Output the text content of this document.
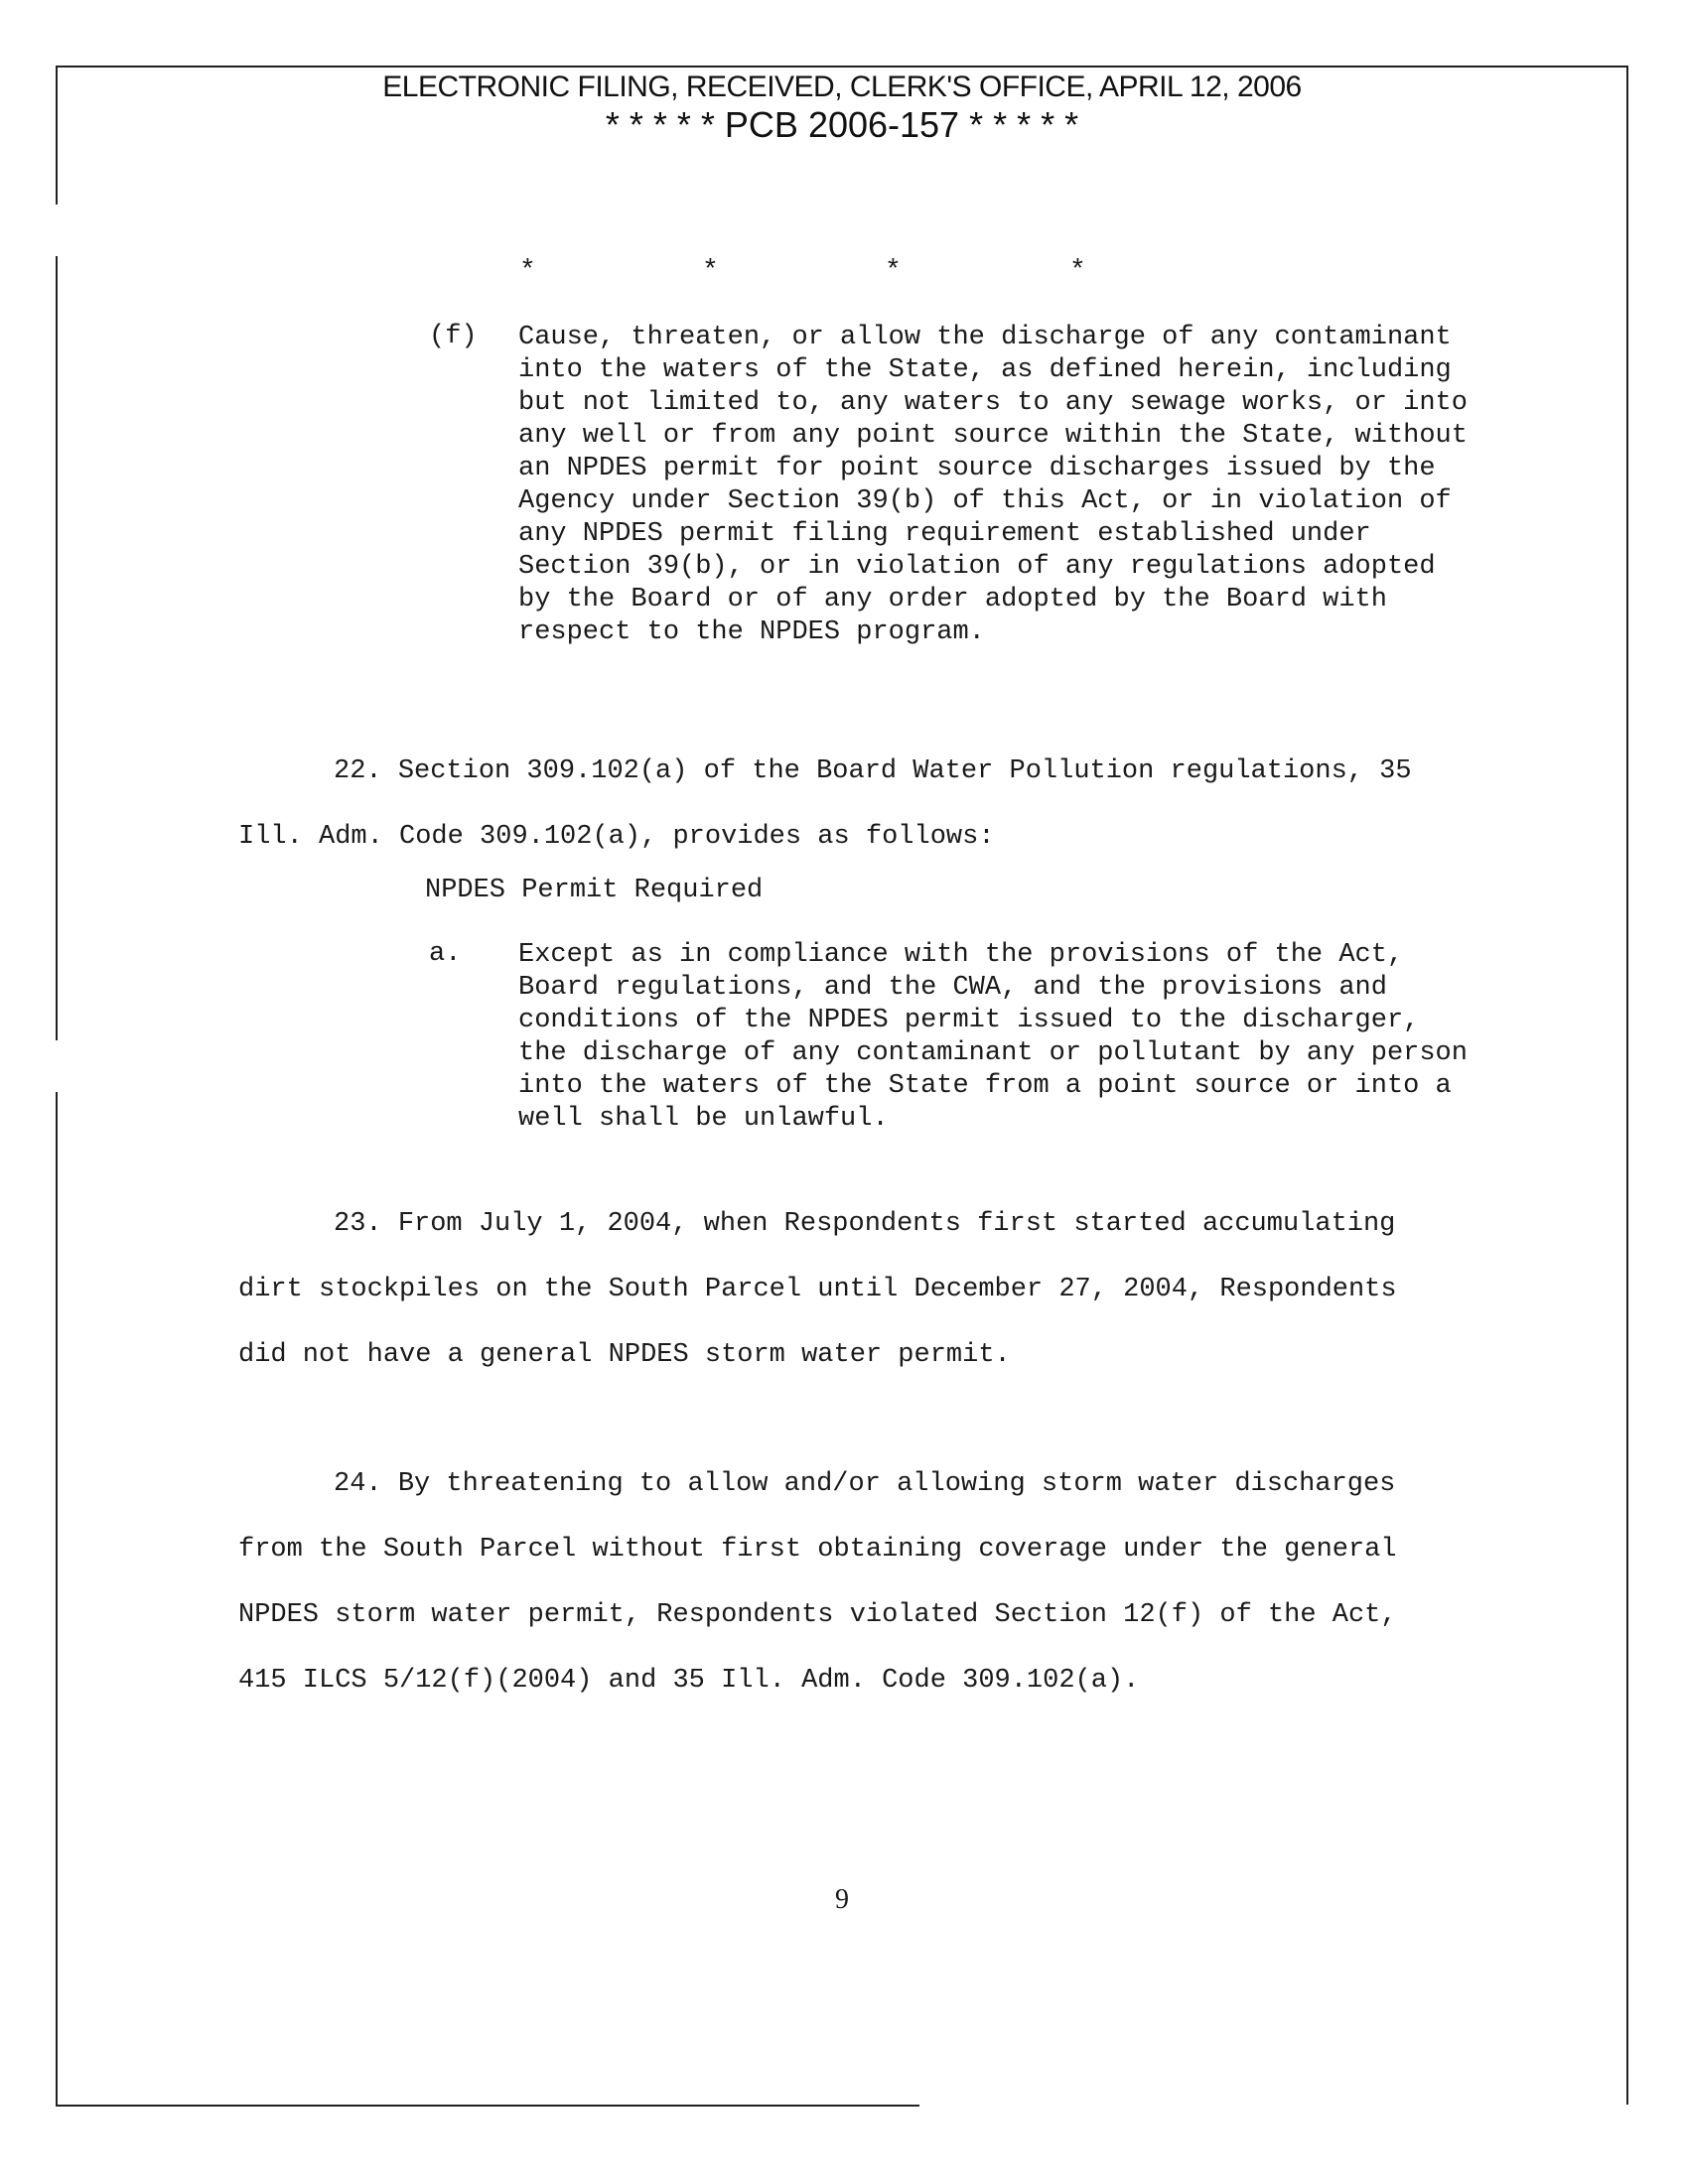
ELECTRONIC FILING, RECEIVED, CLERK'S OFFICE, APRIL 12, 2006
* * * * * PCB 2006-157 * * * * *
*	*	*	*
(f) Cause, threaten, or allow the discharge of any contaminant into the waters of the State, as defined herein, including but not limited to, any waters to any sewage works, or into any well or from any point source within the State, without an NPDES permit for point source discharges issued by the Agency under Section 39(b) of this Act, or in violation of any NPDES permit filing requirement established under Section 39(b), or in violation of any regulations adopted by the Board or of any order adopted by the Board with respect to the NPDES program.
22. Section 309.102(a) of the Board Water Pollution regulations, 35 Ill. Adm. Code 309.102(a), provides as follows:
NPDES Permit Required
a. Except as in compliance with the provisions of the Act, Board regulations, and the CWA, and the provisions and conditions of the NPDES permit issued to the discharger, the discharge of any contaminant or pollutant by any person into the waters of the State from a point source or into a well shall be unlawful.
23. From July 1, 2004, when Respondents first started accumulating dirt stockpiles on the South Parcel until December 27, 2004, Respondents did not have a general NPDES storm water permit.
24. By threatening to allow and/or allowing storm water discharges from the South Parcel without first obtaining coverage under the general NPDES storm water permit, Respondents violated Section 12(f) of the Act, 415 ILCS 5/12(f)(2004) and 35 Ill. Adm. Code 309.102(a).
9
